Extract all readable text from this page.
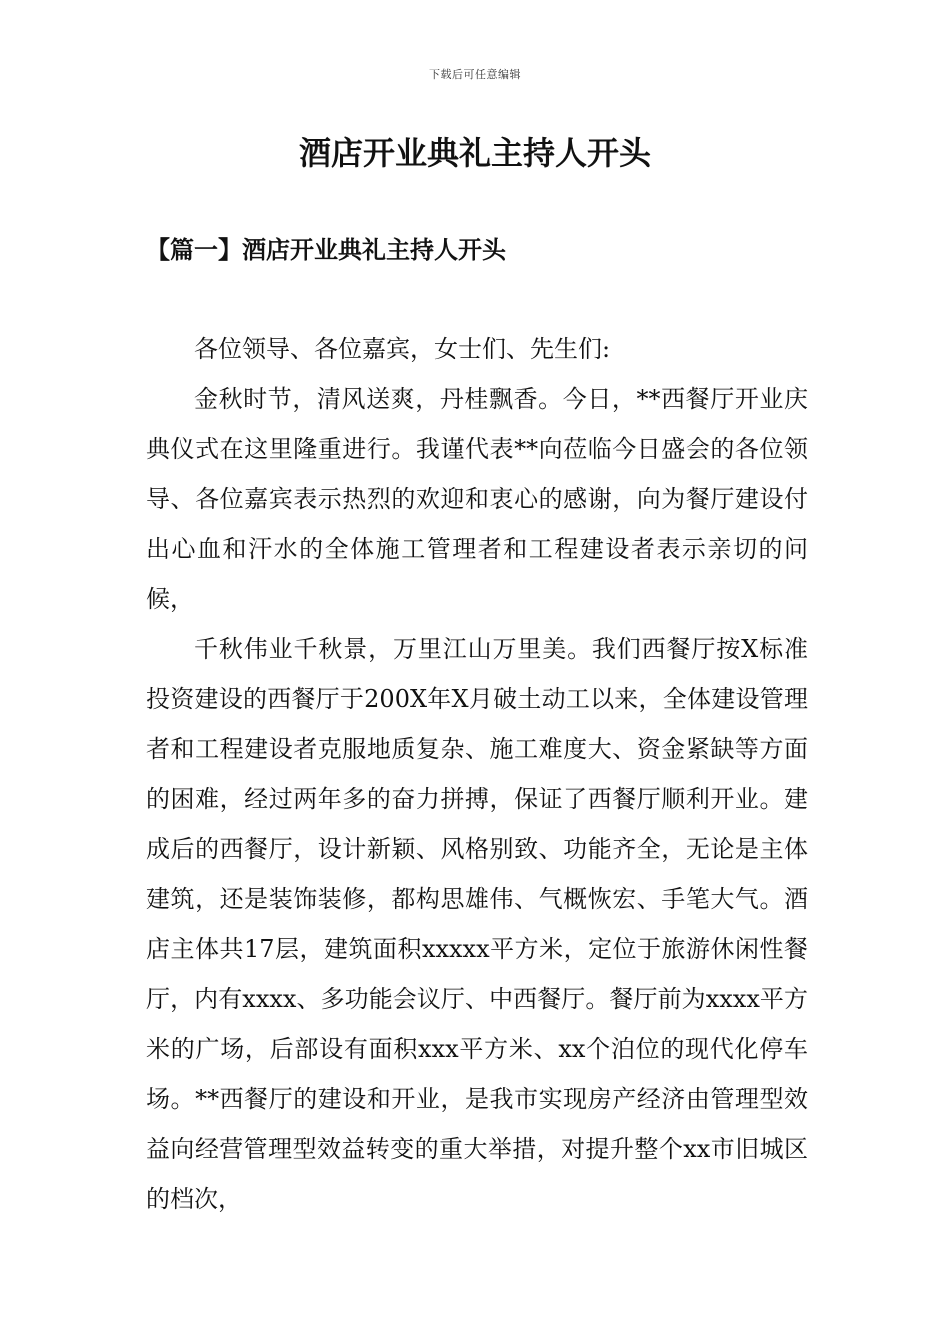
下载后可任意编辑
酒店开业典礼主持人开头
【篇一】酒店开业典礼主持人开头

各位领导、各位嘉宾，女士们、先生们:

金秋时节，清风送爽，丹桂飘香。今日，**西餐厅开业庆典仪式在这里隆重进行。我谨代表**向莅临今日盛会的各位领导、各位嘉宾表示热烈的欢迎和衷心的感谢，向为餐厅建设付出心血和汗水的全体施工管理者和工程建设者表示亲切的问候，

千秋伟业千秋景，万里江山万里美。我们西餐厅按X标准投资建设的西餐厅于200X年X月破土动工以来，全体建设管理者和工程建设者克服地质复杂、施工难度大、资金紧缺等方面的困难，经过两年多的奋力拼搏，保证了西餐厅顺利开业。建成后的西餐厅，设计新颖、风格别致、功能齐全，无论是主体建筑，还是装饰装修，都构思雄伟、气概恢宏、手笔大气。酒店主体共17层，建筑面积xxxxx平方米，定位于旅游休闲性餐厅，内有xxxx、多功能会议厅、中西餐厅。餐厅前为xxxx平方米的广场，后部设有面积xxx平方米、xx个泊位的现代化停车场。**西餐厅的建设和开业，是我市实现房产经济由管理型效益向经营管理型效益转变的重大举措，对提升整个xx市旧城区的档次，
